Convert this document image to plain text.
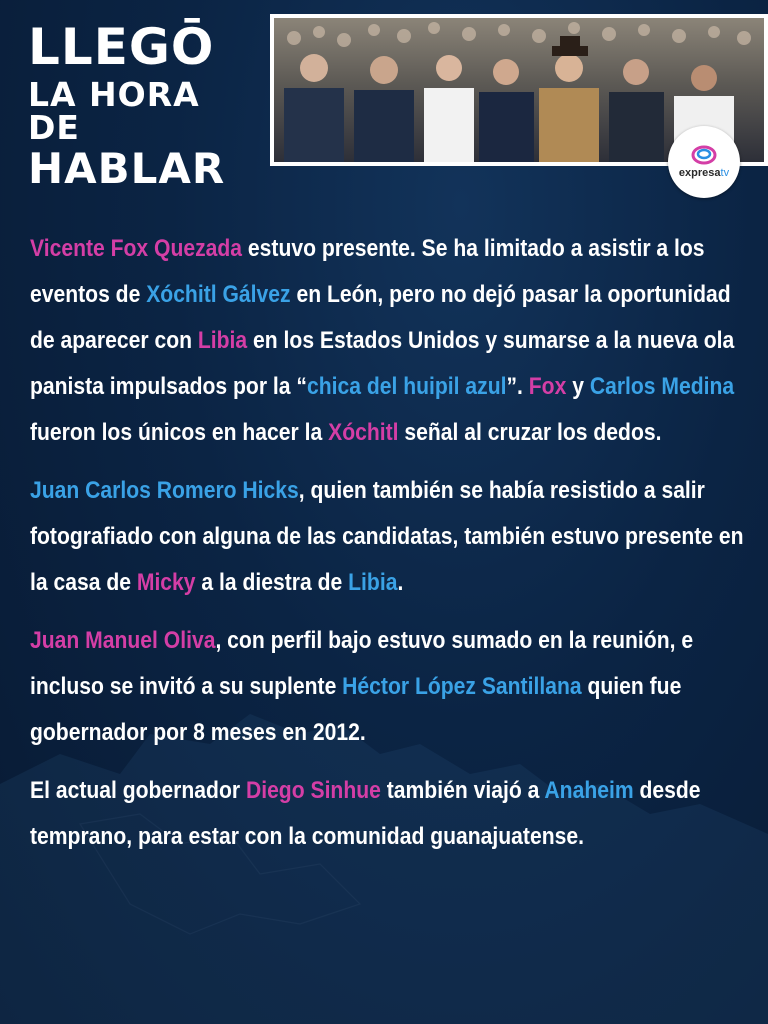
LLEGŌ
LA HORA DE
HABLAR	expresatv

Vicente Fox Quezada estuvo presente. Se ha limitado a asistir a los eventos de Xóchitl Gálvez en León, pero no dejó pasar la oportunidad de aparecer con Libia en los Estados Unidos y sumarse a la nueva ola panista impulsados por la “chica del huipil azul”. Fox y Carlos Medina fueron los únicos en hacer la Xóchitl señal al cruzar los dedos.

Juan Carlos Romero Hicks, quien también se había resistido a salir fotografiado con alguna de las candidatas, también estuvo presente en la casa de Micky a la diestra de Libia.

Juan Manuel Oliva, con perfil bajo estuvo sumado en la reunión, e incluso se invitó a su suplente Héctor López Santillana quien fue gobernador por 8 meses en 2012.

El actual gobernador Diego Sinhue también viajó a Anaheim desde temprano, para estar con la comunidad guanajuatense.
